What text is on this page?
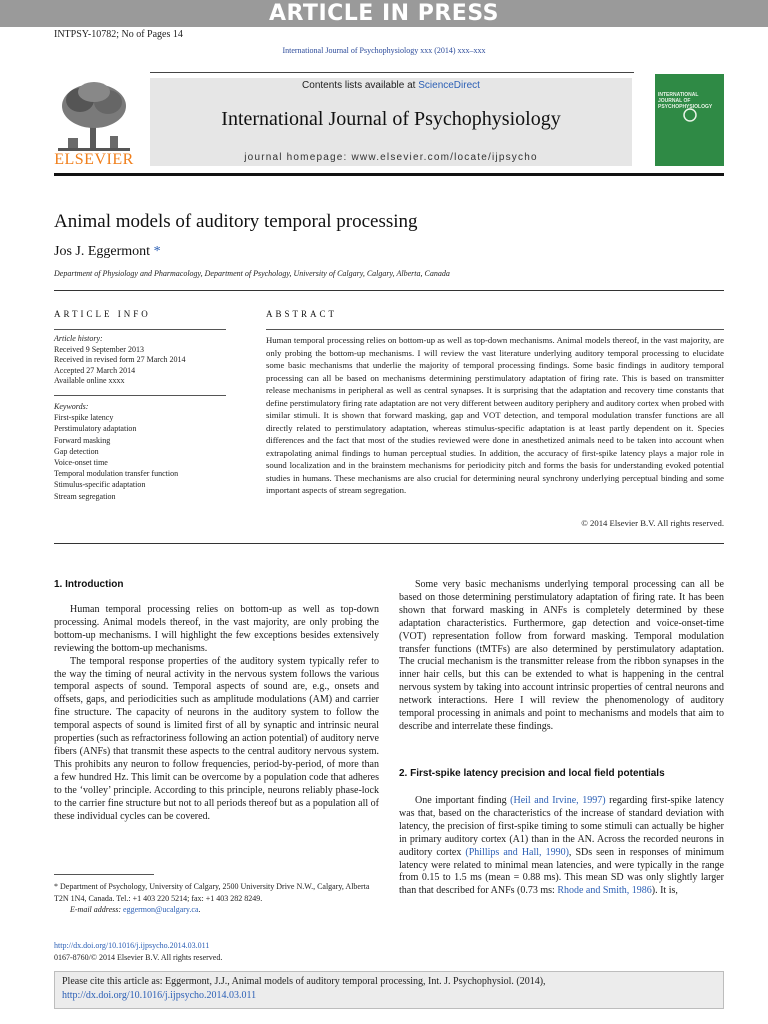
ARTICLE IN PRESS
INTPSY-10782; No of Pages 14
International Journal of Psychophysiology xxx (2014) xxx–xxx
ELSEVIER
Contents lists available at ScienceDirect
International Journal of Psychophysiology
journal homepage: www.elsevier.com/locate/ijpsycho
INTERNATIONAL JOURNAL OF PSYCHOPHYSIOLOGY
Animal models of auditory temporal processing
Jos J. Eggermont *
Department of Physiology and Pharmacology, Department of Psychology, University of Calgary, Calgary, Alberta, Canada
ARTICLE INFO
Article history:
Received 9 September 2013
Received in revised form 27 March 2014
Accepted 27 March 2014
Available online xxxx
Keywords:
First-spike latency
Perstimulatory adaptation
Forward masking
Gap detection
Voice-onset time
Temporal modulation transfer function
Stimulus-specific adaptation
Stream segregation
ABSTRACT
Human temporal processing relies on bottom-up as well as top-down mechanisms. Animal models thereof, in the vast majority, are only probing the bottom-up mechanisms. I will review the vast literature underlying auditory temporal processing to elucidate some basic mechanisms that underlie the majority of temporal processing findings. Some basic findings in auditory temporal processing can all be based on mechanisms determining perstimulatory adaptation of firing rate. This is based on transmitter release mechanisms in peripheral as well as central synapses. It is surprising that the adaptation and recovery time constants that define perstimulatory firing rate adaptation are not very different between auditory periphery and auditory cortex when probed with similar stimuli. It is shown that forward masking, gap and VOT detection, and temporal modulation transfer functions are all directly related to perstimulatory adaptation, whereas stimulus-specific adaptation is at least partly dependent on it. Species differences and the fact that most of the studies reviewed were done in anesthetized animals need to be taken into account when extrapolating animal findings to human perceptual studies. In addition, the accuracy of first-spike latency plays a major role in sound localization and in the brainstem mechanisms for periodicity pitch and forms the basis for understanding evoked potential studies in humans. These mechanisms are also crucial for determining neural synchrony underlying perceptual binding and some important aspects of stream segregation.
© 2014 Elsevier B.V. All rights reserved.
1. Introduction

Human temporal processing relies on bottom-up as well as top-down processing. Animal models thereof, in the vast majority, are only probing the bottom-up mechanisms. I will highlight the few exceptions besides extensively reviewing the bottom-up mechanisms.

The temporal response properties of the auditory system typically refer to the way the timing of neural activity in the nervous system follows the various temporal aspects of sound. Temporal aspects of sound are, e.g., onsets and offsets, gaps, and periodicities such as amplitude modulations (AM) and carrier fine structure. The capacity of neurons in the auditory system to follow the temporal aspects of sound is limited first of all by synaptic and intrinsic neural properties (such as refractoriness following an action potential) of auditory nerve fibers (ANFs) that transmit these aspects to the central auditory nervous system. This prohibits any neuron to follow frequencies, period-by-period, of more than a few hundred Hz. This limit can be overcome by a population code that adheres to the ‘volley’ principle. According to this principle, neurons reliably phase-lock to the carrier fine structure but not to all periods thereof but as a population all of these individual cycles can be covered.

Some very basic mechanisms underlying temporal processing can all be based on those determining perstimulatory adaptation of firing rate. It has been shown that forward masking in ANFs is completely determined by these adaptation characteristics. Furthermore, gap detection and voice-onset-time (VOT) representation follow from forward masking. Temporal modulation transfer functions (tMTFs) are also determined by perstimulatory adaptation. The crucial mechanism is the transmitter release from the ribbon synapses in the inner hair cells, but this can be extended to what is happening in the central nervous system by taking into account intrinsic properties of central neurons and network interactions. Here I will review the phenomenology of auditory temporal processing in animals and point to mechanisms and models that aim to describe and interrelate these findings.

2. First-spike latency precision and local field potentials

One important finding (Heil and Irvine, 1997) regarding first-spike latency was that, based on the characteristics of the increase of standard deviation with latency, the precision of first-spike timing to some stimuli can actually be higher in primary auditory cortex (A1) than in the AN. Across the recorded neurons in auditory cortex (Phillips and Hall, 1990), SDs seen in responses of minimum latency were related to minimal mean latencies, and were typically in the range from 0.15 to 1.5 ms (mean = 0.88 ms). This mean SD was only slightly larger than that described for ANFs (0.73 ms: Rhode and Smith, 1986). It is,

* Department of Psychology, University of Calgary, 2500 University Drive N.W., Calgary, Alberta T2N 1N4, Canada. Tel.: +1 403 220 5214; fax: +1 403 282 8249.
E-mail address: eggermon@ucalgary.ca.
http://dx.doi.org/10.1016/j.ijpsycho.2014.03.011
0167-8760/© 2014 Elsevier B.V. All rights reserved.
Please cite this article as: Eggermont, J.J., Animal models of auditory temporal processing, Int. J. Psychophysiol. (2014), http://dx.doi.org/10.1016/j.ijpsycho.2014.03.011
